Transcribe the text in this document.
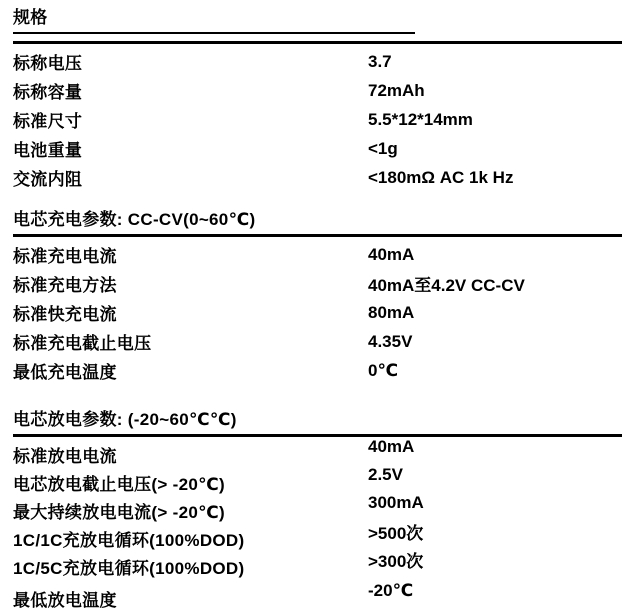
规格
标称电压	3.7
标称容量	72mAh
标准尺寸	5.5*12*14mm
电池重量	<1g
交流内阻	<180mΩ AC 1k Hz
电芯充电参数: CC-CV(0~60℃)
标准充电电流	40mA
标准充电方法	40mA至4.2V CC-CV
标准快充电流	80mA
标准充电截止电压	4.35V
最低充电温度	0℃
电芯放电参数: (-20~60℃℃)
标准放电电流	40mA
电芯放电截止电压(> -20℃)	2.5V
最大持续放电电流(> -20℃)	300mA
1C/1C充放电循环(100%DOD)	>500次
1C/5C充放电循环(100%DOD)	>300次
最低放电温度	-20℃
